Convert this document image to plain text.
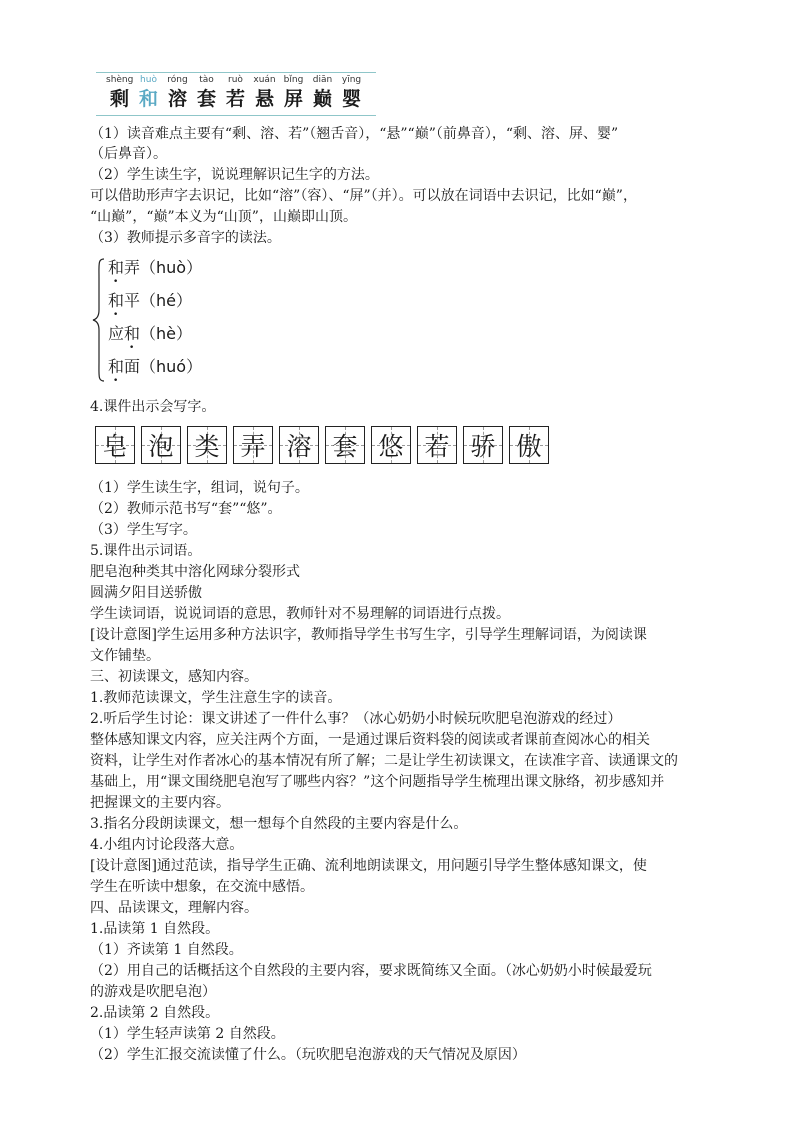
shèng
剩
huò
和
róng
溶
tào
套
ruò
若
xuán
悬
bǐng
屏
diān
巅
yīng
婴
（1）读音难点主要有“剩、溶、若”（翘舌音），“悬”“巅”（前鼻音），“剩、溶、屏、婴”
（后鼻音）。
（2）学生读生字，说说理解识记生字的方法。
可以借助形声字去识记，比如“溶”（容）、“屏”（并）。可以放在词语中去识记，比如“巅”，
“山巅”，“巅”本义为“山顶”，山巅即山顶。
（3）教师提示多音字的读法。
和弄（huò）
•
和平（hé）
•
应和（hè）
•
和面（huó）
•
4.课件出示会写字。
皂 泡 类 弄 溶 套 悠 若 骄 傲
（1）学生读生字，组词，说句子。
（2）教师示范书写“套”“悠”。
（3）学生写字。
5.课件出示词语。
肥皂泡种类其中溶化网球分裂形式
圆满夕阳目送骄傲
学生读词语，说说词语的意思，教师针对不易理解的词语进行点拨。
[设计意图]学生运用多种方法识字，教师指导学生书写生字，引导学生理解词语，为阅读课
文作铺垫。
三、初读课文，感知内容。
1.教师范读课文，学生注意生字的读音。
2.听后学生讨论：课文讲述了一件什么事？（冰心奶奶小时候玩吹肥皂泡游戏的经过）
整体感知课文内容，应关注两个方面，一是通过课后资料袋的阅读或者课前查阅冰心的相关
资料，让学生对作者冰心的基本情况有所了解；二是让学生初读课文，在读准字音、读通课文的
基础上，用“课文围绕肥皂泡写了哪些内容？”这个问题指导学生梳理出课文脉络，初步感知并
把握课文的主要内容。
3.指名分段朗读课文，想一想每个自然段的主要内容是什么。
4.小组内讨论段落大意。
[设计意图]通过范读，指导学生正确、流利地朗读课文，用问题引导学生整体感知课文，使
学生在听读中想象，在交流中感悟。
四、品读课文，理解内容。
1.品读第 1 自然段。
（1）齐读第 1 自然段。
（2）用自己的话概括这个自然段的主要内容，要求既简练又全面。（冰心奶奶小时候最爱玩
的游戏是吹肥皂泡）
2.品读第 2 自然段。
（1）学生轻声读第 2 自然段。
（2）学生汇报交流读懂了什么。（玩吹肥皂泡游戏的天气情况及原因）
